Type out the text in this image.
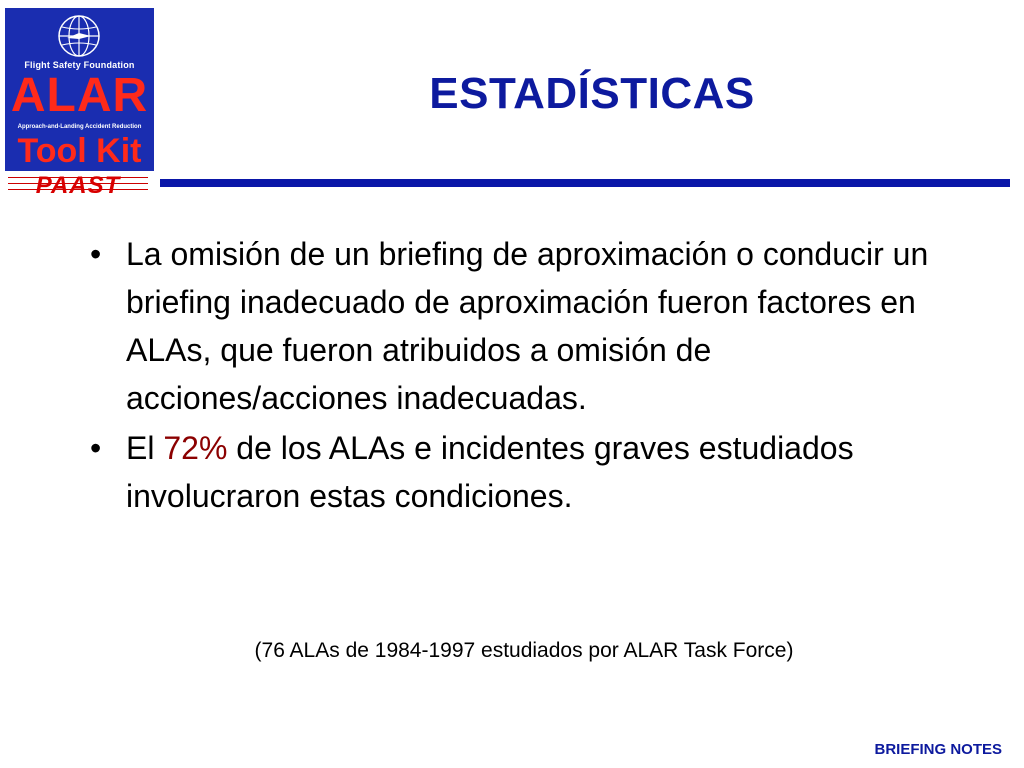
Flight Safety Foundation
ALAR
Approach-and-Landing Accident Reduction
Tool Kit
PAAST
ESTADÍSTICAS
• La omisión de un briefing de aproximación o conducir un briefing inadecuado de aproximación fueron factores en ALAs, que fueron atribuidos a omisión de acciones/acciones inadecuadas.
• El 72% de los ALAs e incidentes graves estudiados involucraron estas condiciones.
(76 ALAs de 1984-1997 estudiados por ALAR Task Force)
BRIEFING NOTES
